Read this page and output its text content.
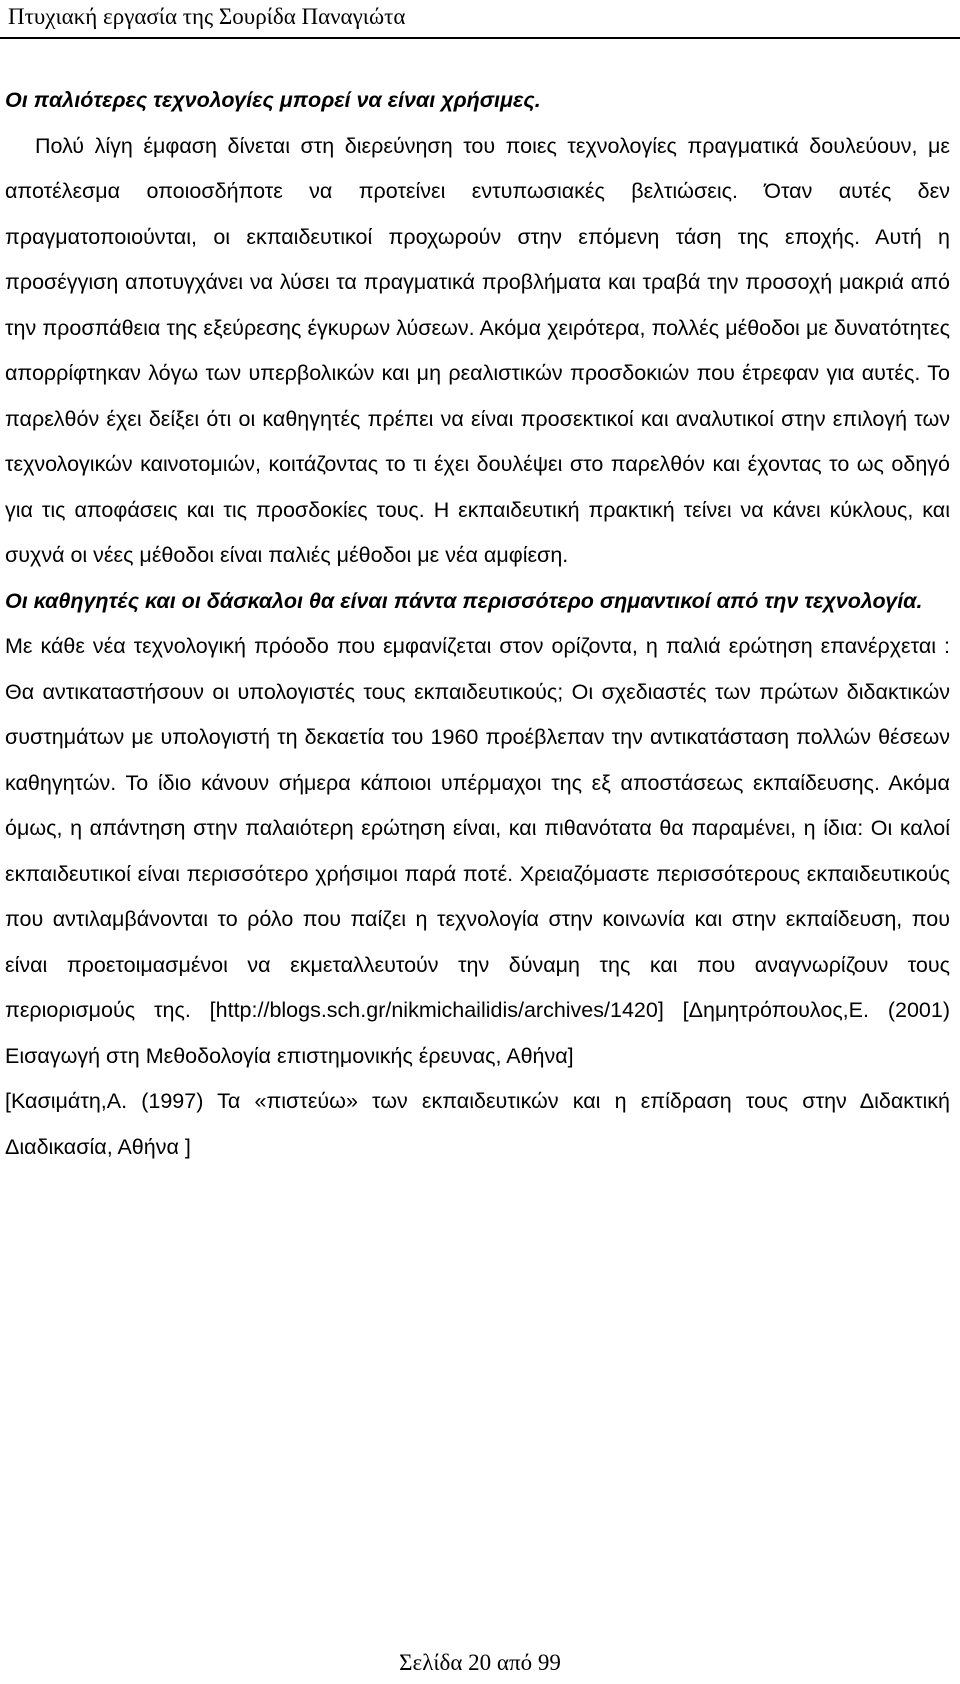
Πτυχιακή εργασία της Σουρίδα Παναγιώτα

Οι παλιότερες τεχνολογίες μπορεί να είναι χρήσιμες.

Πολύ λίγη έμφαση δίνεται στη διερεύνηση του ποιες τεχνολογίες πραγματικά δουλεύουν, με αποτέλεσμα οποιοσδήποτε να προτείνει εντυπωσιακές βελτιώσεις. Όταν αυτές δεν πραγματοποιούνται, οι εκπαιδευτικοί προχωρούν στην επόμενη τάση της εποχής. Αυτή η προσέγγιση αποτυγχάνει να λύσει τα πραγματικά προβλήματα και τραβά την προσοχή μακριά από την προσπάθεια της εξεύρεσης έγκυρων λύσεων. Ακόμα χειρότερα, πολλές μέθοδοι με δυνατότητες απορρίφτηκαν λόγω των υπερβολικών και μη ρεαλιστικών προσδοκιών που έτρεφαν για αυτές. Το παρελθόν έχει δείξει ότι οι καθηγητές πρέπει να είναι προσεκτικοί και αναλυτικοί στην επιλογή των τεχνολογικών καινοτομιών, κοιτάζοντας το τι έχει δουλέψει στο παρελθόν και έχοντας το ως οδηγό για τις αποφάσεις και τις προσδοκίες τους. Η εκπαιδευτική πρακτική τείνει να κάνει κύκλους, και συχνά οι νέες μέθοδοι είναι παλιές μέθοδοι με νέα αμφίεση.

Οι καθηγητές και οι δάσκαλοι θα είναι πάντα περισσότερο σημαντικοί από την τεχνολογία.

Με κάθε νέα τεχνολογική πρόοδο που εμφανίζεται στον ορίζοντα, η παλιά ερώτηση επανέρχεται : Θα αντικαταστήσουν οι υπολογιστές τους εκπαιδευτικούς; Οι σχεδιαστές των πρώτων διδακτικών συστημάτων με υπολογιστή τη δεκαετία του 1960 προέβλεπαν την αντικατάσταση πολλών θέσεων καθηγητών. Το ίδιο κάνουν σήμερα κάποιοι υπέρμαχοι της εξ αποστάσεως εκπαίδευσης. Ακόμα όμως, η απάντηση στην παλαιότερη ερώτηση είναι, και πιθανότατα θα παραμένει, η ίδια: Οι καλοί εκπαιδευτικοί είναι περισσότερο χρήσιμοι παρά ποτέ. Χρειαζόμαστε περισσότερους εκπαιδευτικούς που αντιλαμβάνονται το ρόλο που παίζει η τεχνολογία στην κοινωνία και στην εκπαίδευση, που είναι προετοιμασμένοι να εκμεταλλευτούν την δύναμη της και που αναγνωρίζουν τους περιορισμούς της. [http://blogs.sch.gr/nikmichailidis/archives/1420] [Δημητρόπουλος,Ε. (2001) Εισαγωγή στη Μεθοδολογία επιστημονικής έρευνας, Αθήνα]

[Κασιμάτη,Α. (1997) Τα «πιστεύω» των εκπαιδευτικών και η επίδραση τους στην Διδακτική Διαδικασία, Αθήνα ]

Σελίδα 20 από 99
